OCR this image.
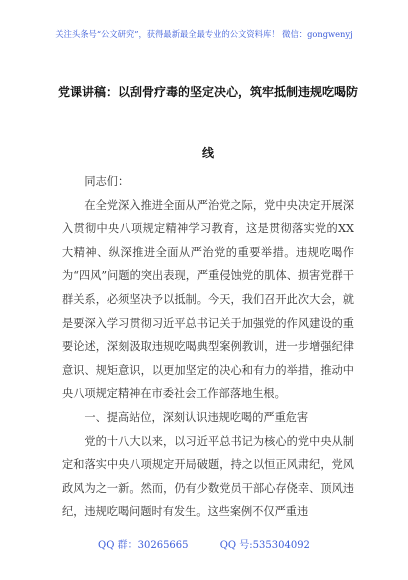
关注头条号“公文研究”，获得最新最全最专业的公文资料库！ 微信：gongwenyj
党课讲稿：以刮骨疗毒的坚定决心，筑牢抵制违规吃喝防
线

同志们：

在全党深入推进全面从严治党之际，党中央决定开展深入贯彻中央八项规定精神学习教育，这是贯彻落实党的XX大精神、纵深推进全面从严治党的重要举措。违规吃喝作为“四风”问题的突出表现，严重侵蚀党的肌体、损害党群干群关系，必须坚决予以抵制。今天，我们召开此次大会，就是要深入学习贯彻习近平总书记关于加强党的作风建设的重要论述，深刻汲取违规吃喝典型案例教训，进一步增强纪律意识、规矩意识，以更加坚定的决心和有力的举措，推动中央八项规定精神在市委社会工作部落地生根。

一、提高站位，深刻认识违规吃喝的严重危害

党的十八大以来，以习近平总书记为核心的党中央从制定和落实中央八项规定开局破题，持之以恒正风肃纪，党风政风为之一新。然而，仍有少数党员干部心存侥幸、顶风违纪，违规吃喝问题时有发生。这些案例不仅严重违

QQ 群：30265665	QQ 号:535304092
